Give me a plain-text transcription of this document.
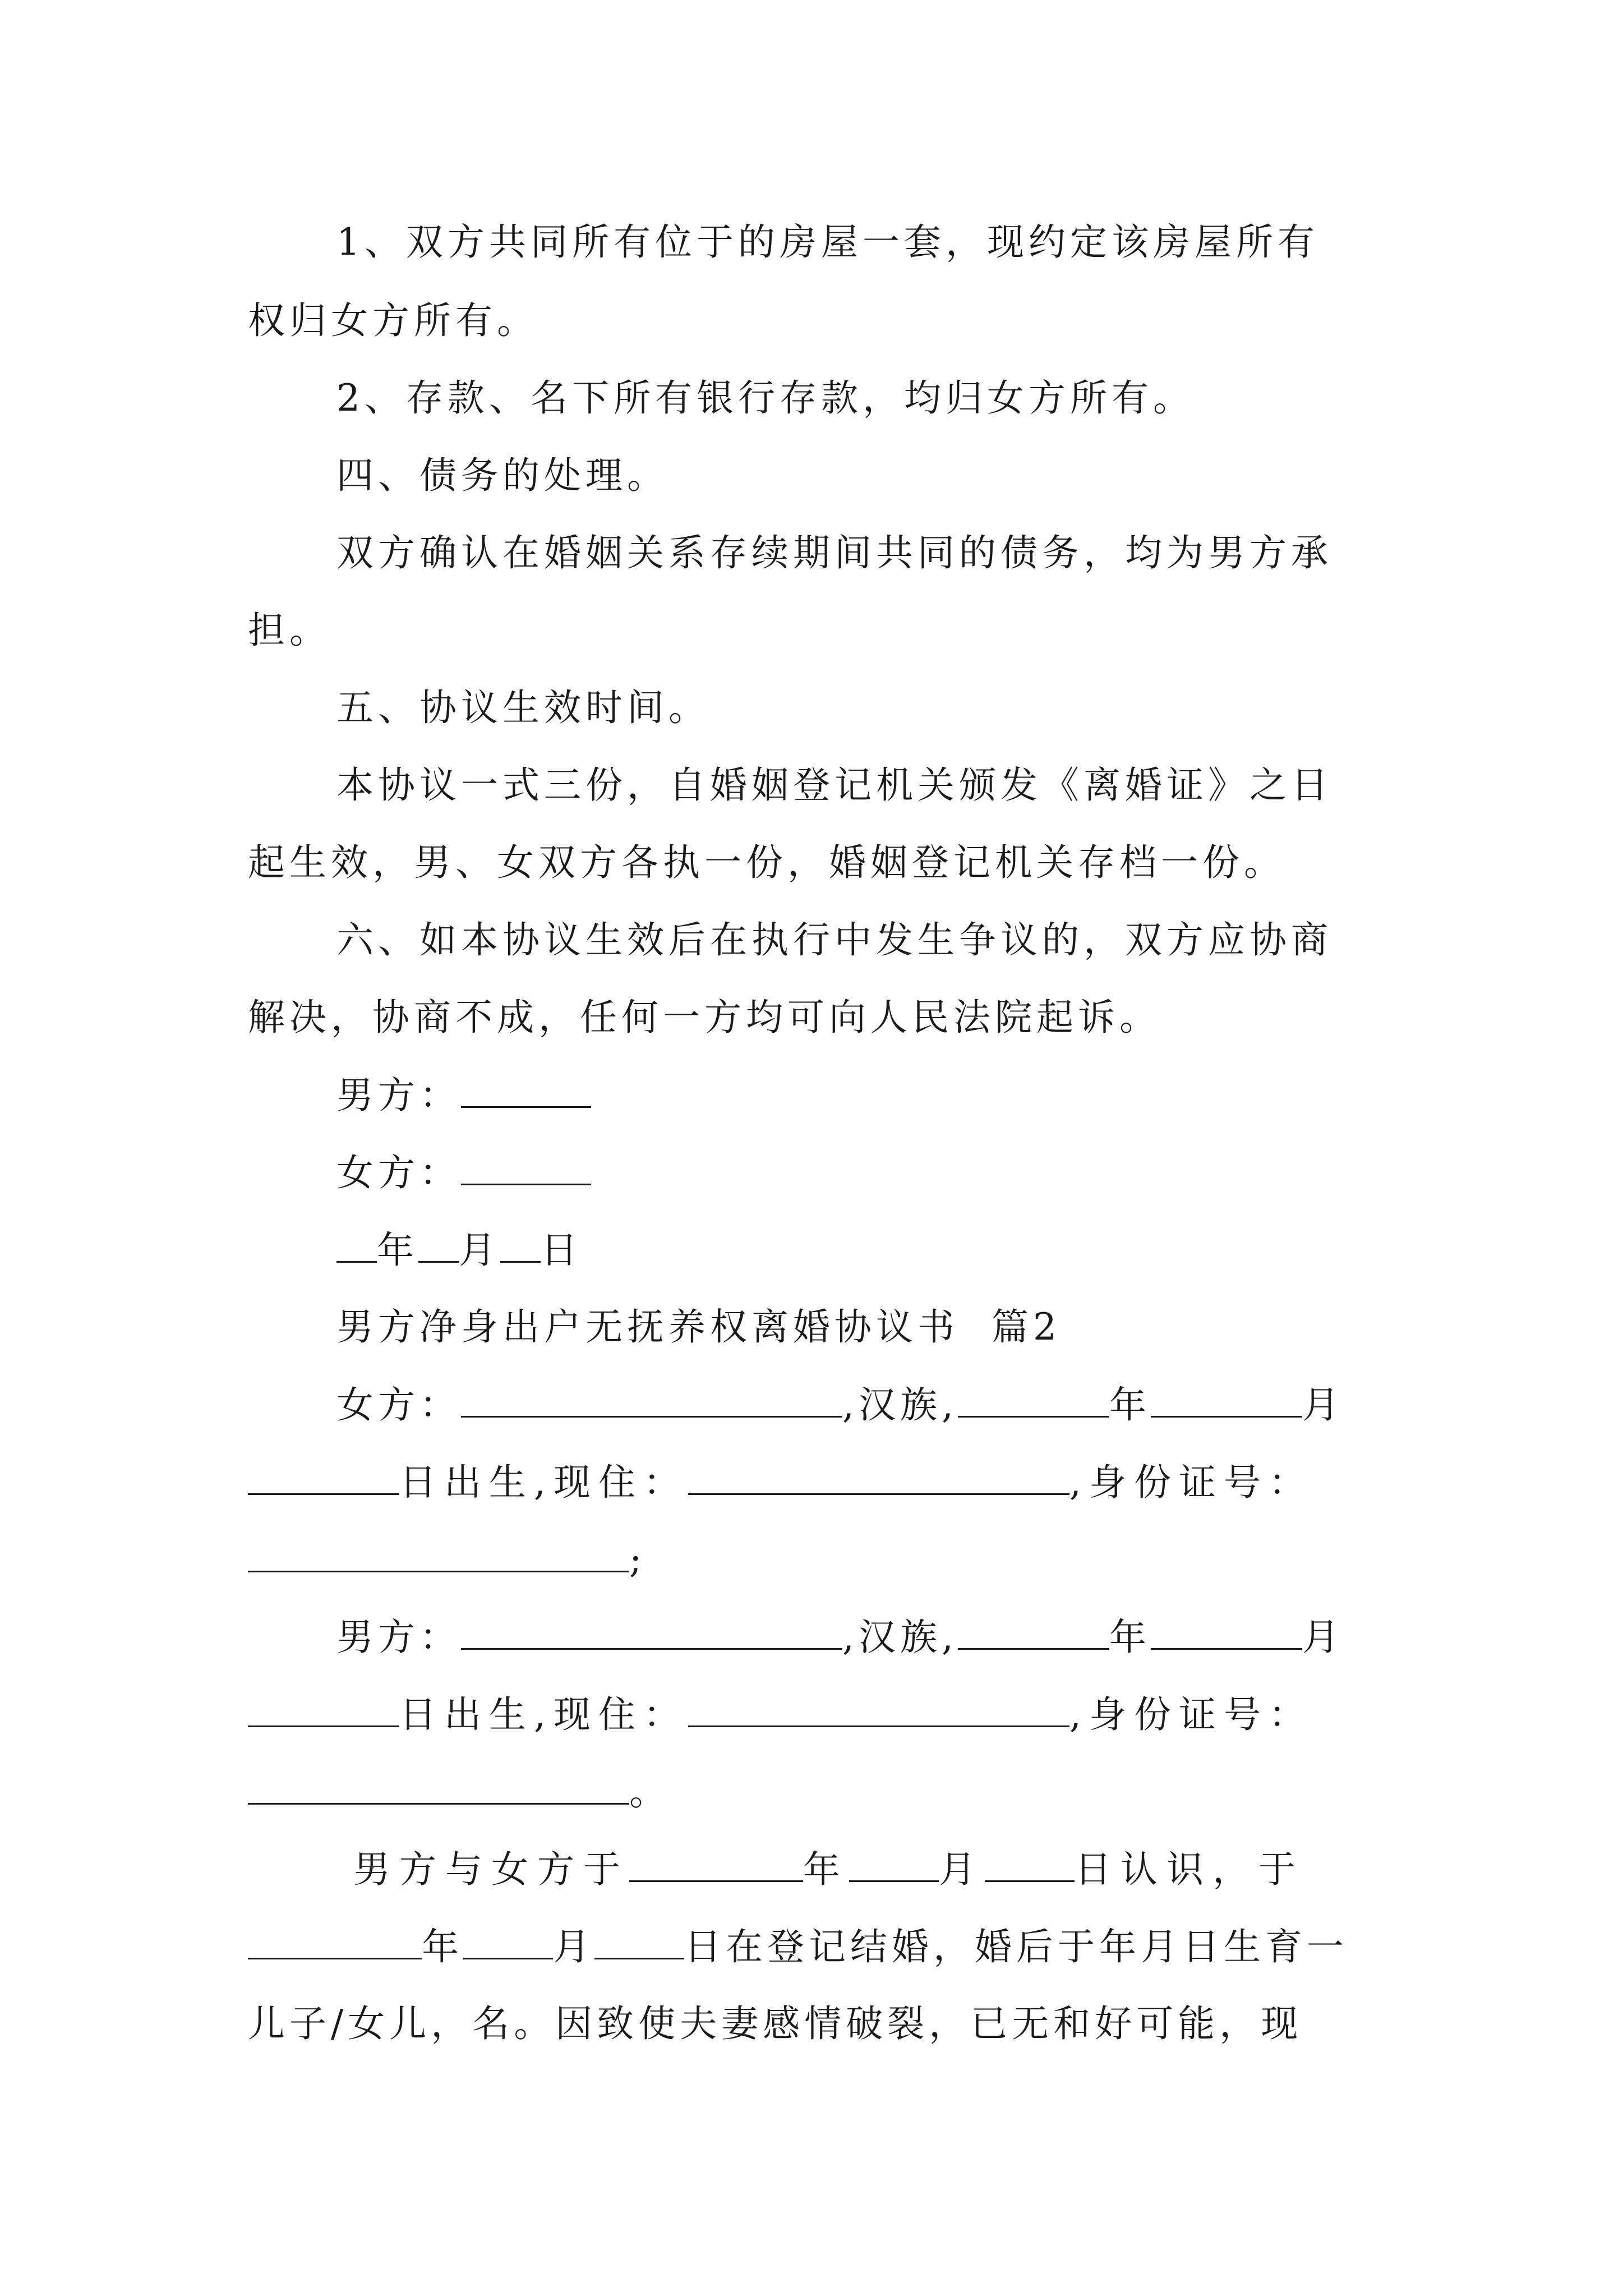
1、双方共同所有位于的房屋一套，现约定该房屋所有
权归女方所有。
2、存款、名下所有银行存款，均归女方所有。
四、债务的处理。
双方确认在婚姻关系存续期间共同的债务，均为男方承
担。
五、协议生效时间。
本协议一式三份，自婚姻登记机关颁发《离婚证》之日
起生效，男、女双方各执一份，婚姻登记机关存档一份。
六、如本协议生效后在执行中发生争议的，双方应协商
解决，协商不成，任何一方均可向人民法院起诉。
男方：
女方：
年 月 日
男方净身出户无抚养权离婚协议书  篇2
女方：	,汉族,	年	月
日出生,现住：	,身份证号：
;
男方：	,汉族,	年	月
日出生,现住：	,身份证号：
。
男方与女方于	年 月 日认识，于
年 月 日在登记结婚，婚后于年月日生育一
儿子/女儿，名。因致使夫妻感情破裂，已无和好可能，现
